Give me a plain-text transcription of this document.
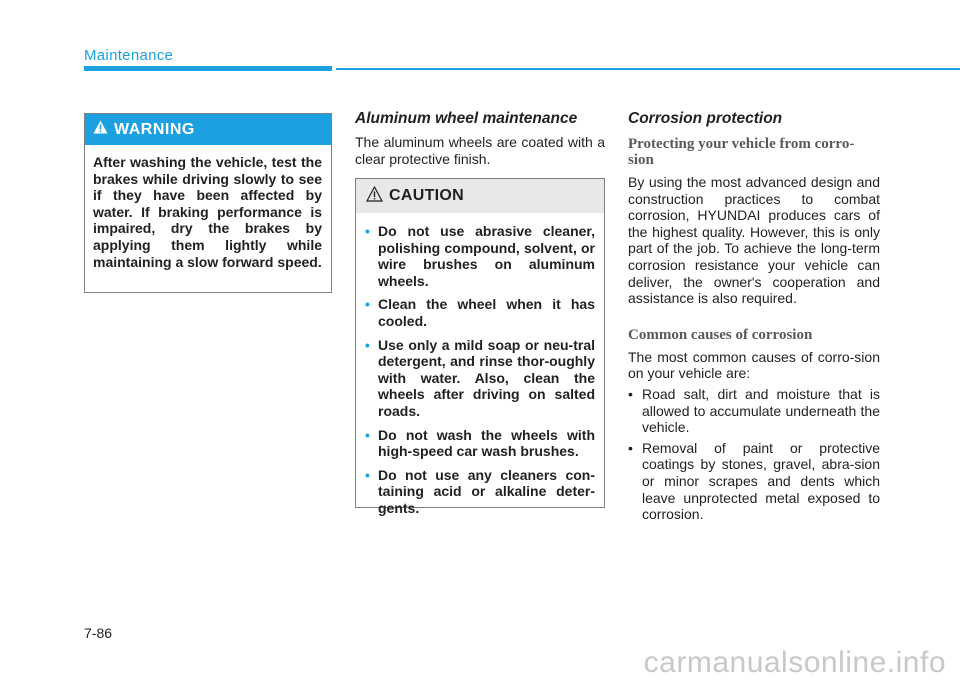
Maintenance
WARNING
After washing the vehicle, test the brakes while driving slowly to see if they have been affected by water. If braking performance is impaired, dry the brakes by applying them lightly while maintaining a slow forward speed.
Aluminum wheel maintenance

The aluminum wheels are coated with a clear protective finish.

CAUTION
• Do not use abrasive cleaner, polishing compound, solvent, or wire brushes on aluminum wheels.
• Clean the wheel when it has cooled.
• Use only a mild soap or neu-tral detergent, and rinse thor-oughly with water. Also, clean the wheels after driving on salted roads.
• Do not wash the wheels with high-speed car wash brushes.
• Do not use any cleaners con-taining acid or alkaline deter-gents.
Corrosion protection
Protecting your vehicle from corro-sion

By using the most advanced design and construction practices to combat corrosion, HYUNDAI produces cars of the highest quality. However, this is only part of the job. To achieve the long-term corrosion resistance your vehicle can deliver, the owner's cooperation and assistance is also required.

Common causes of corrosion

The most common causes of corro-sion on your vehicle are:

• Road salt, dirt and moisture that is allowed to accumulate underneath the vehicle.
• Removal of paint or protective coatings by stones, gravel, abra-sion or minor scrapes and dents which leave unprotected metal exposed to corrosion.
7-86
carmanualsonline.info
